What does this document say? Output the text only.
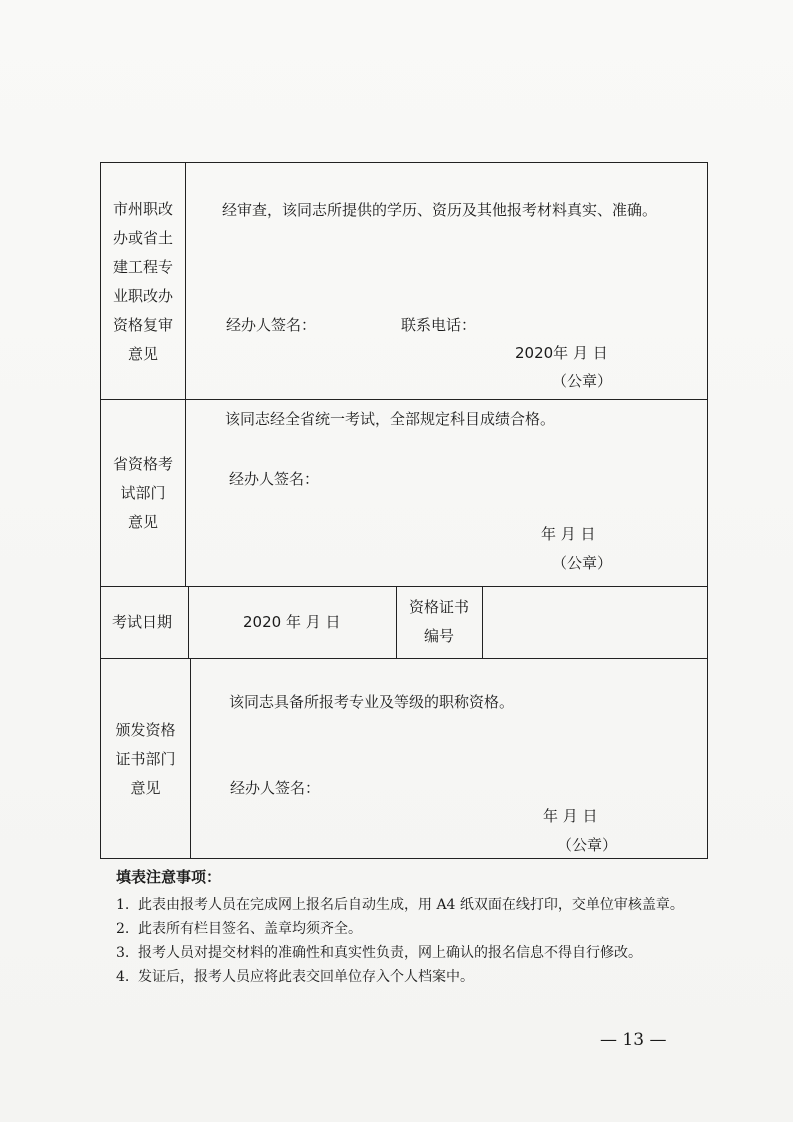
市州职改
办或省土
建工程专
业职改办
资格复审
意见
经审查，该同志所提供的学历、资历及其他报考材料真实、准确。
经办人签名：	联系电话：
2020年 月 日
（公章）
省资格考
试部门
意见
该同志经全省统一考试，全部规定科目成绩合格。
经办人签名：
年 月 日
（公章）
考试日期	2020 年 月 日
资格证书
编号
颁发资格
证书部门
意见
该同志具备所报考专业及等级的职称资格。
经办人签名：
年 月 日
（公章）
填表注意事项：
1. 此表由报考人员在完成网上报名后自动生成，用 A4 纸双面在线打印，交单位审核盖章。
2. 此表所有栏目签名、盖章均须齐全。
3. 报考人员对提交材料的准确性和真实性负责，网上确认的报名信息不得自行修改。
4. 发证后，报考人员应将此表交回单位存入个人档案中。
— 13 —
